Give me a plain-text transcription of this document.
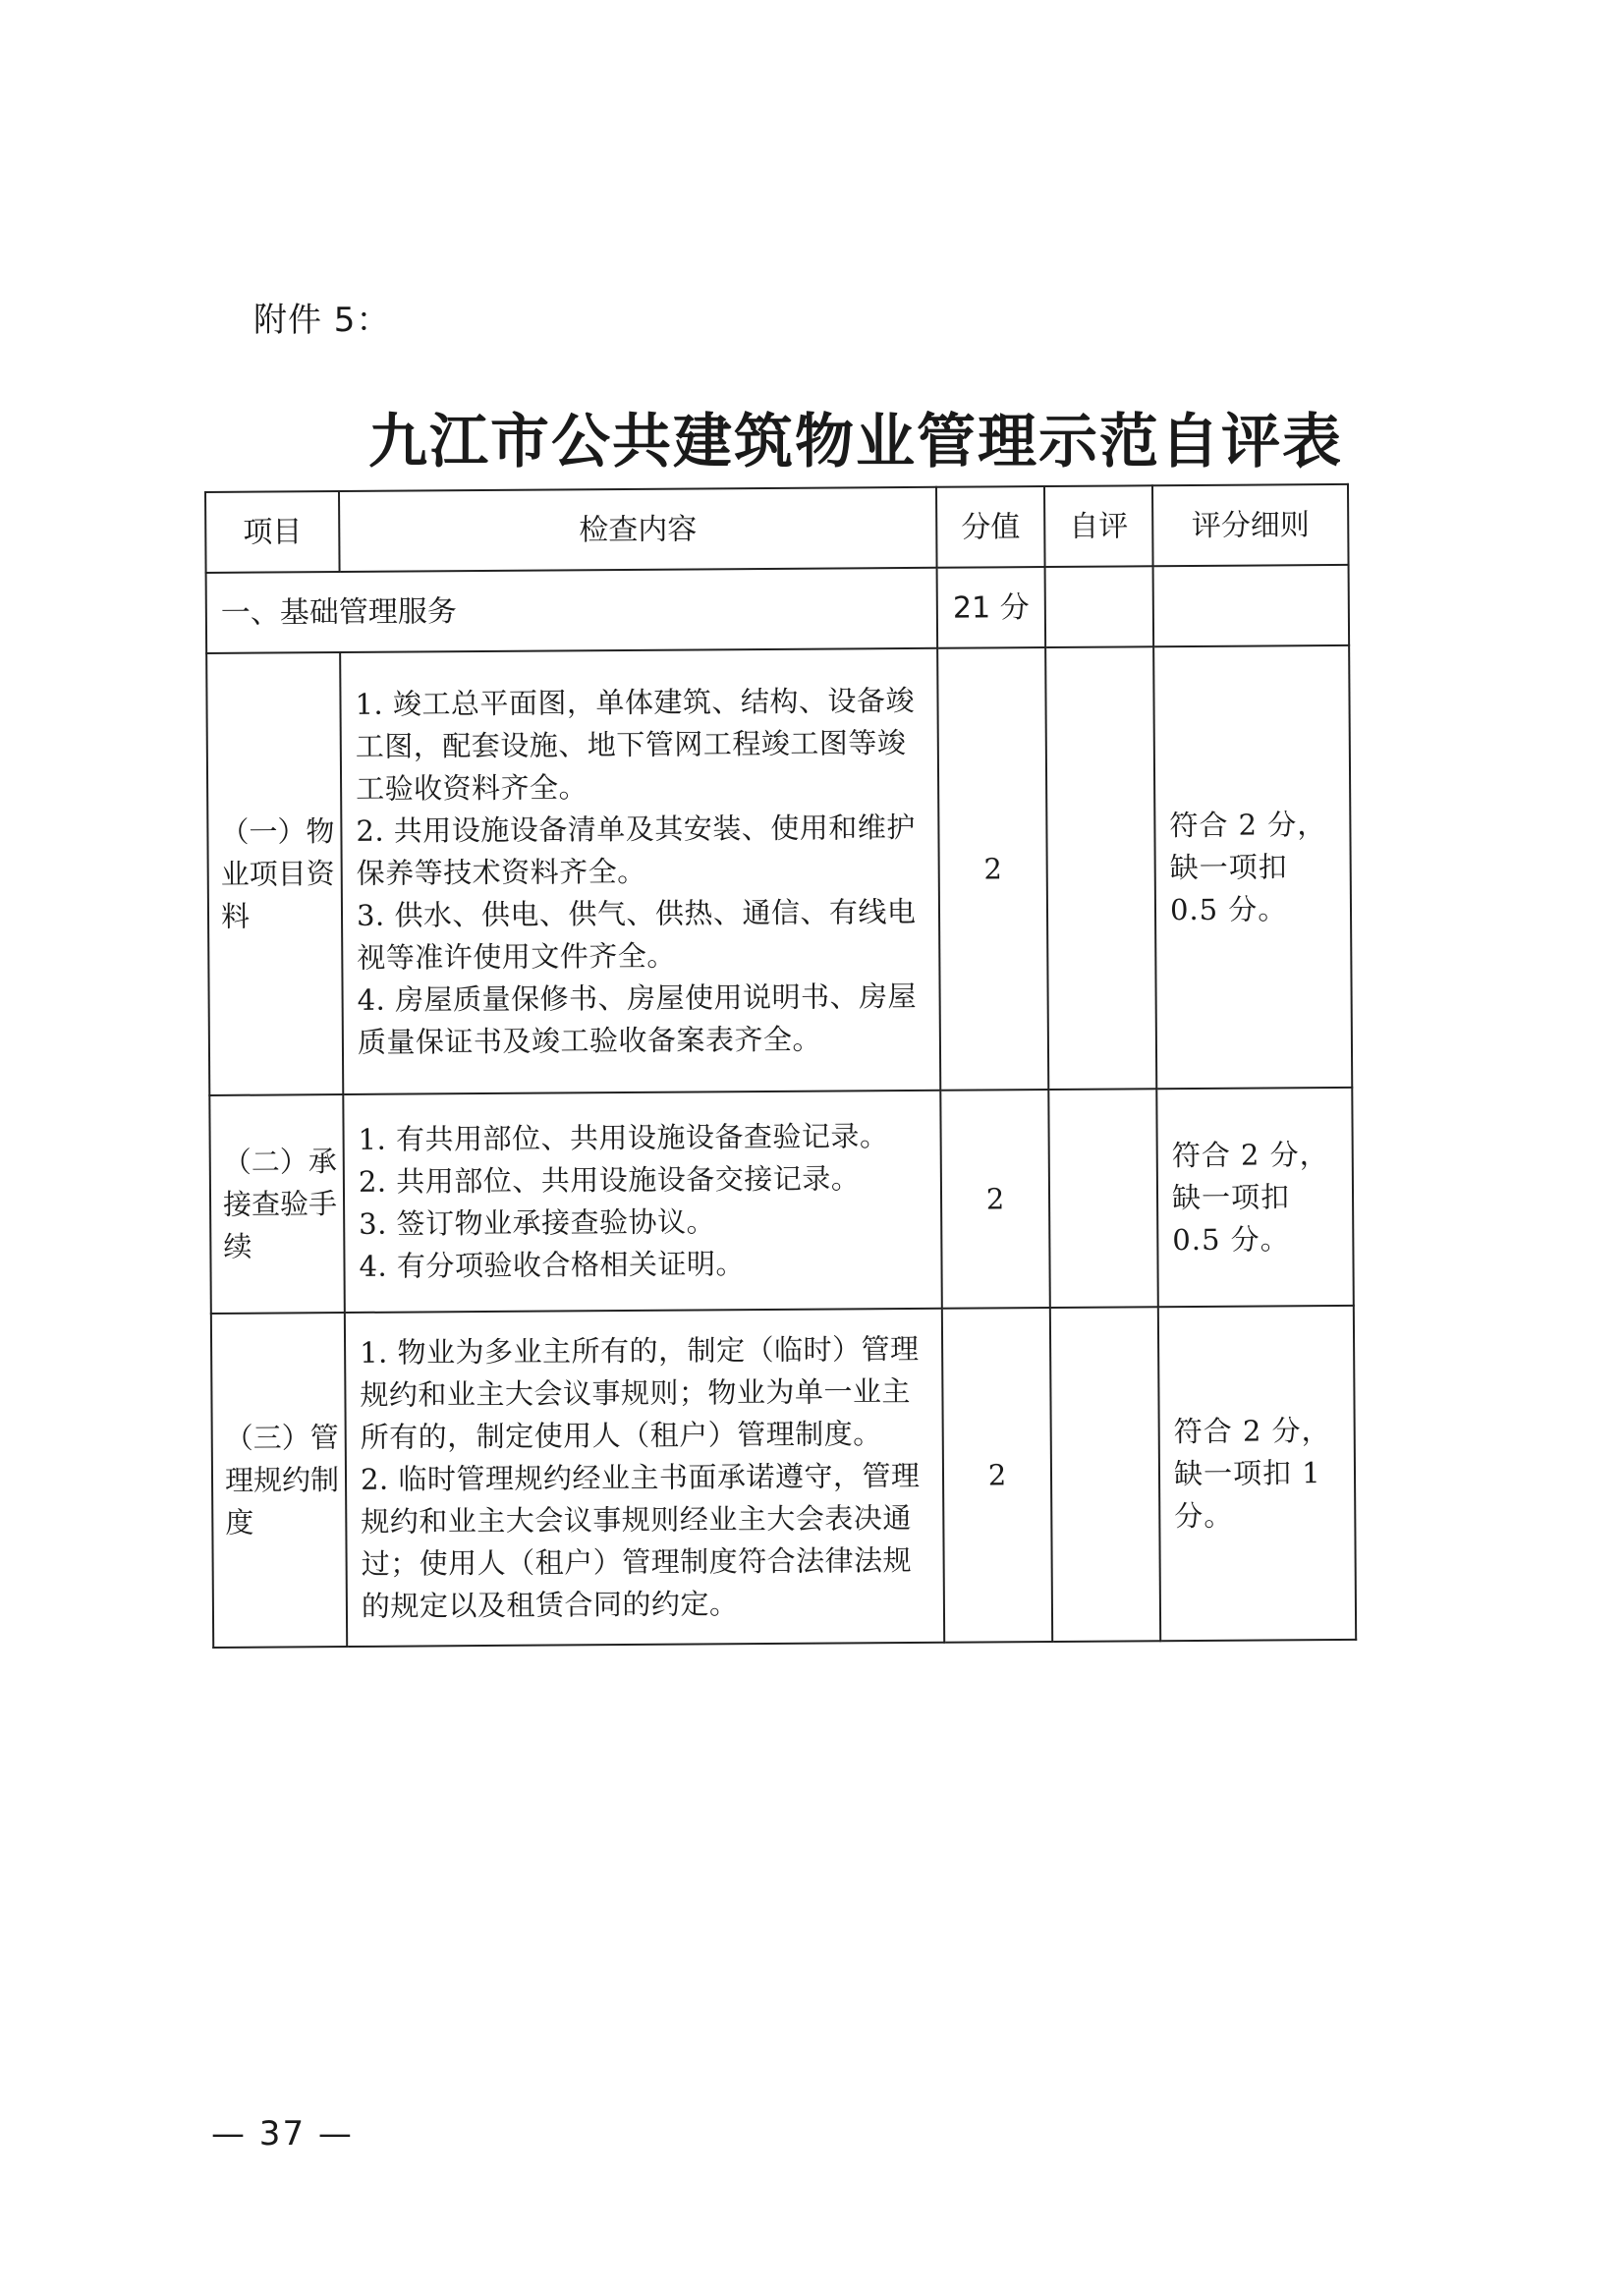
附件 5：
九江市公共建筑物业管理示范自评表
项目	检查内容	分值	自评	评分细则
一、基础管理服务		21 分		
（一）物业项目资料	1. 竣工总平面图，单体建筑、结构、设备竣工图，配套设施、地下管网工程竣工图等竣工验收资料齐全。
2. 共用设施设备清单及其安装、使用和维护保养等技术资料齐全。
3. 供水、供电、供气、供热、通信、有线电视等准许使用文件齐全。
4. 房屋质量保修书、房屋使用说明书、房屋质量保证书及竣工验收备案表齐全。	2		符合 2 分，缺一项扣 0.5 分。
（二）承接查验手续	1. 有共用部位、共用设施设备查验记录。
2. 共用部位、共用设施设备交接记录。
3. 签订物业承接查验协议。
4. 有分项验收合格相关证明。	2		符合 2 分，缺一项扣 0.5 分。
（三）管理规约制度	1. 物业为多业主所有的，制定（临时）管理规约和业主大会议事规则；物业为单一业主所有的，制定使用人（租户）管理制度。
2. 临时管理规约经业主书面承诺遵守，管理规约和业主大会议事规则经业主大会表决通过；使用人（租户）管理制度符合法律法规的规定以及租赁合同的约定。	2		符合 2 分，缺一项扣 1 分。
— 37 —
